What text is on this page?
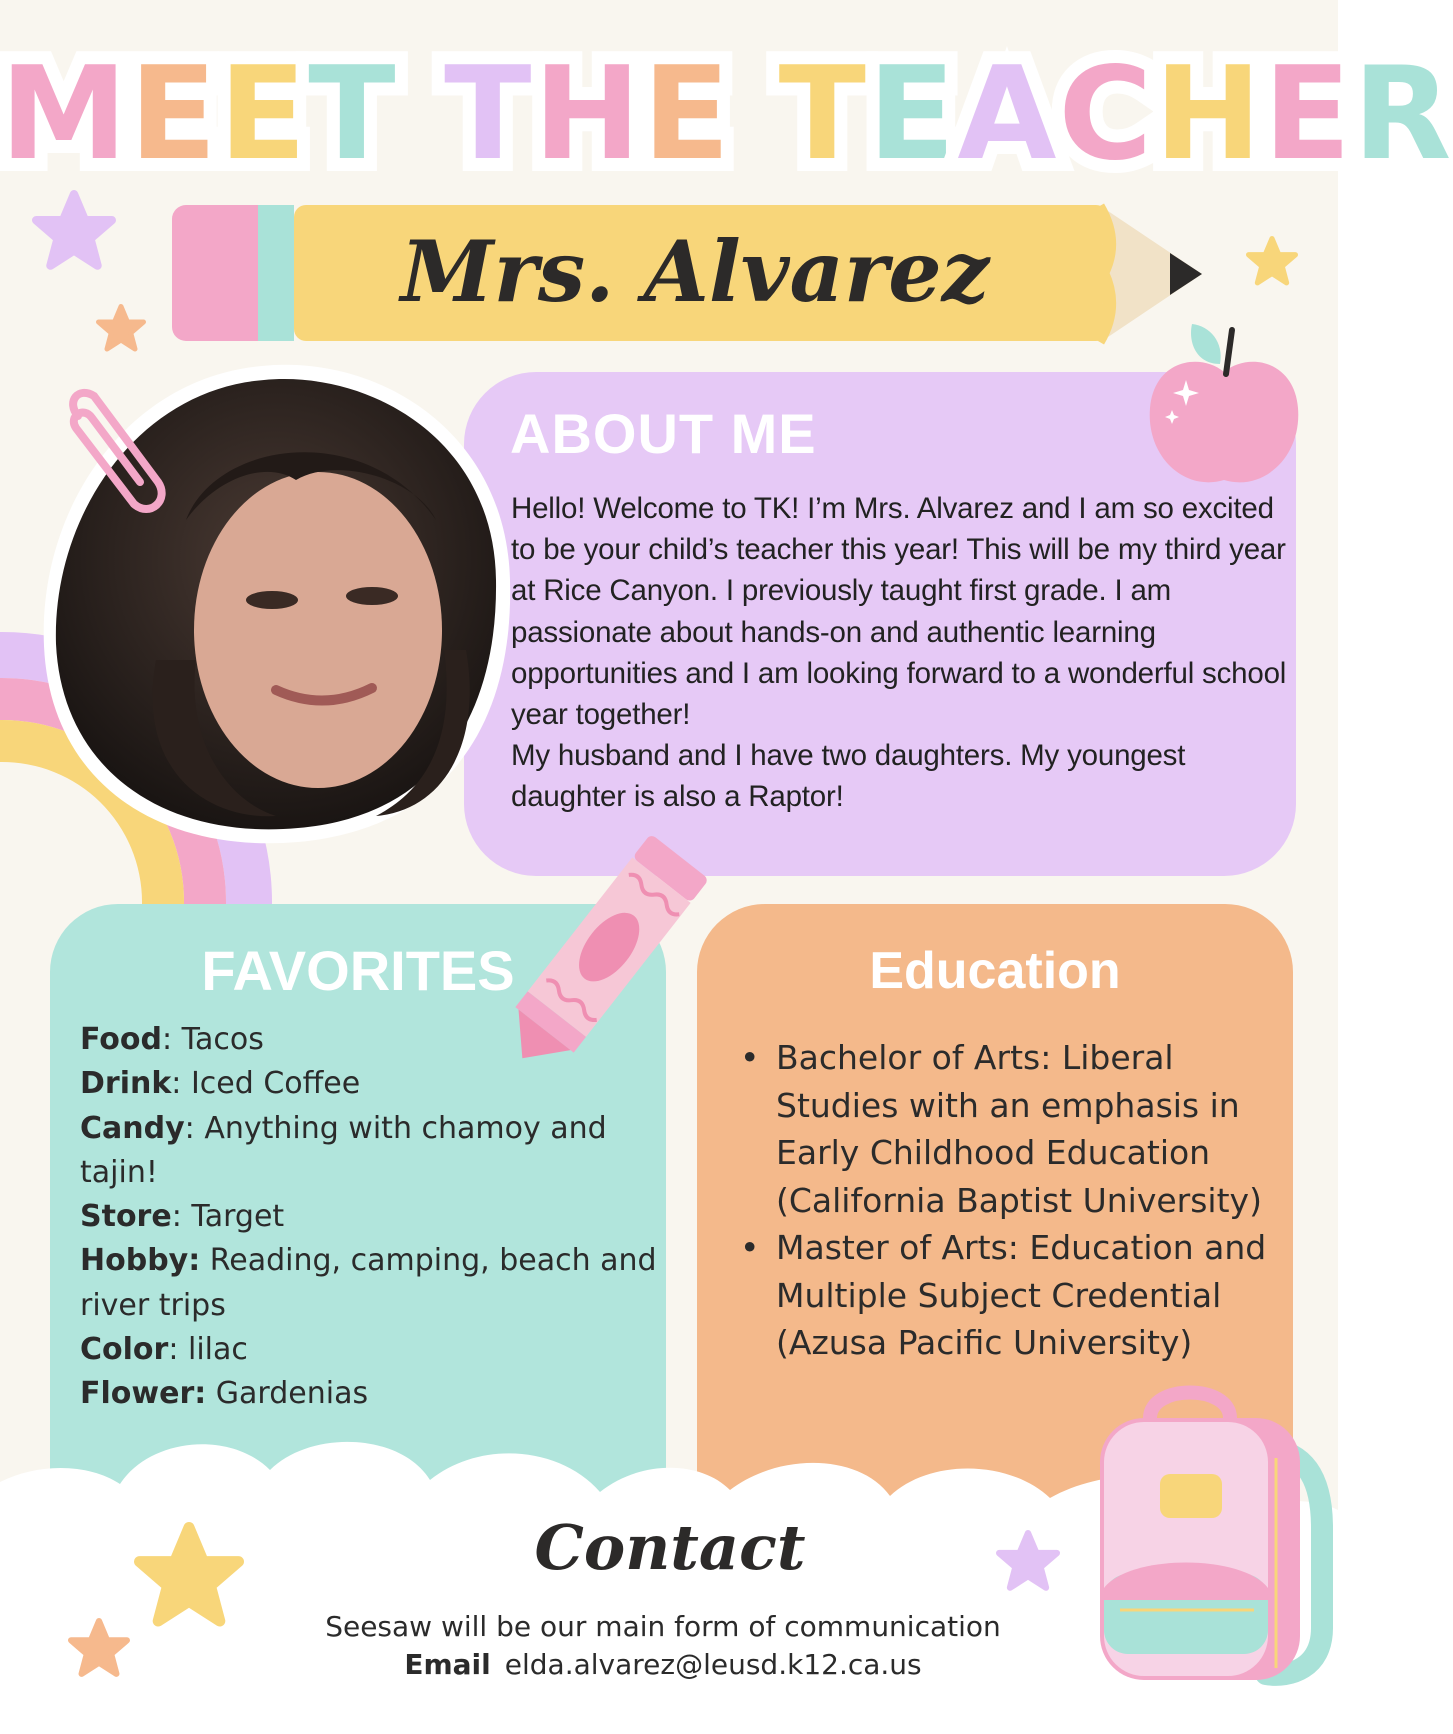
MEET THE TEACHER
Mrs. Alvarez
ABOUT ME

Hello! Welcome to TK! I’m Mrs. Alvarez and I am so excited to be your child’s teacher this year! This will be my third year at Rice Canyon. I previously taught first grade. I am passionate about hands-on and authentic learning opportunities and I am looking forward to a wonderful school year together!

My husband and I have two daughters. My youngest daughter is also a Raptor!

FAVORITES
Food: Tacos
Drink: Iced Coffee
Candy: Anything with chamoy and tajin!
Store: Target
Hobby: Reading, camping, beach and river trips
Color: lilac
Flower: Gardenias
Education
• Bachelor of Arts: Liberal Studies with an emphasis in Early Childhood Education (California Baptist University)
• Master of Arts: Education and Multiple Subject Credential (Azusa Pacific University)
Contact
Seesaw will be our main form of communication
Email elda.alvarez@leusd.k12.ca.us
